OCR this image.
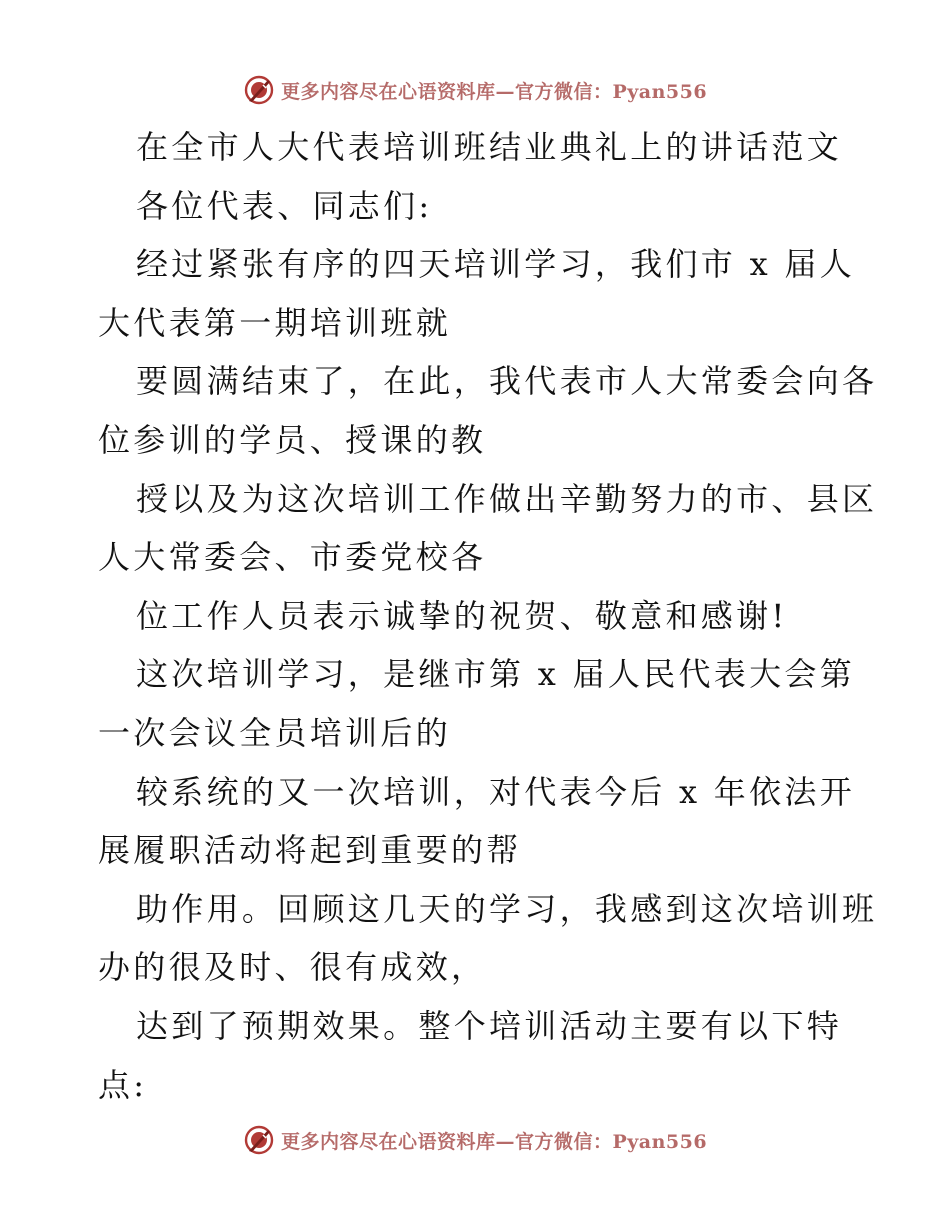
更多内容尽在心语资料库—官方微信：Pyan556
在全市人大代表培训班结业典礼上的讲话范文
各位代表、同志们:
经过紧张有序的四天培训学习，我们市 x 届人
大代表第一期培训班就
要圆满结束了，在此，我代表市人大常委会向各
位参训的学员、授课的教
授以及为这次培训工作做出辛勤努力的市、县区
人大常委会、市委党校各
位工作人员表示诚挚的祝贺、敬意和感谢!
这次培训学习，是继市第 x 届人民代表大会第
一次会议全员培训后的
较系统的又一次培训，对代表今后 x 年依法开
展履职活动将起到重要的帮
助作用。回顾这几天的学习，我感到这次培训班
办的很及时、很有成效，
达到了预期效果。整个培训活动主要有以下特
点:
更多内容尽在心语资料库—官方微信：Pyan556
